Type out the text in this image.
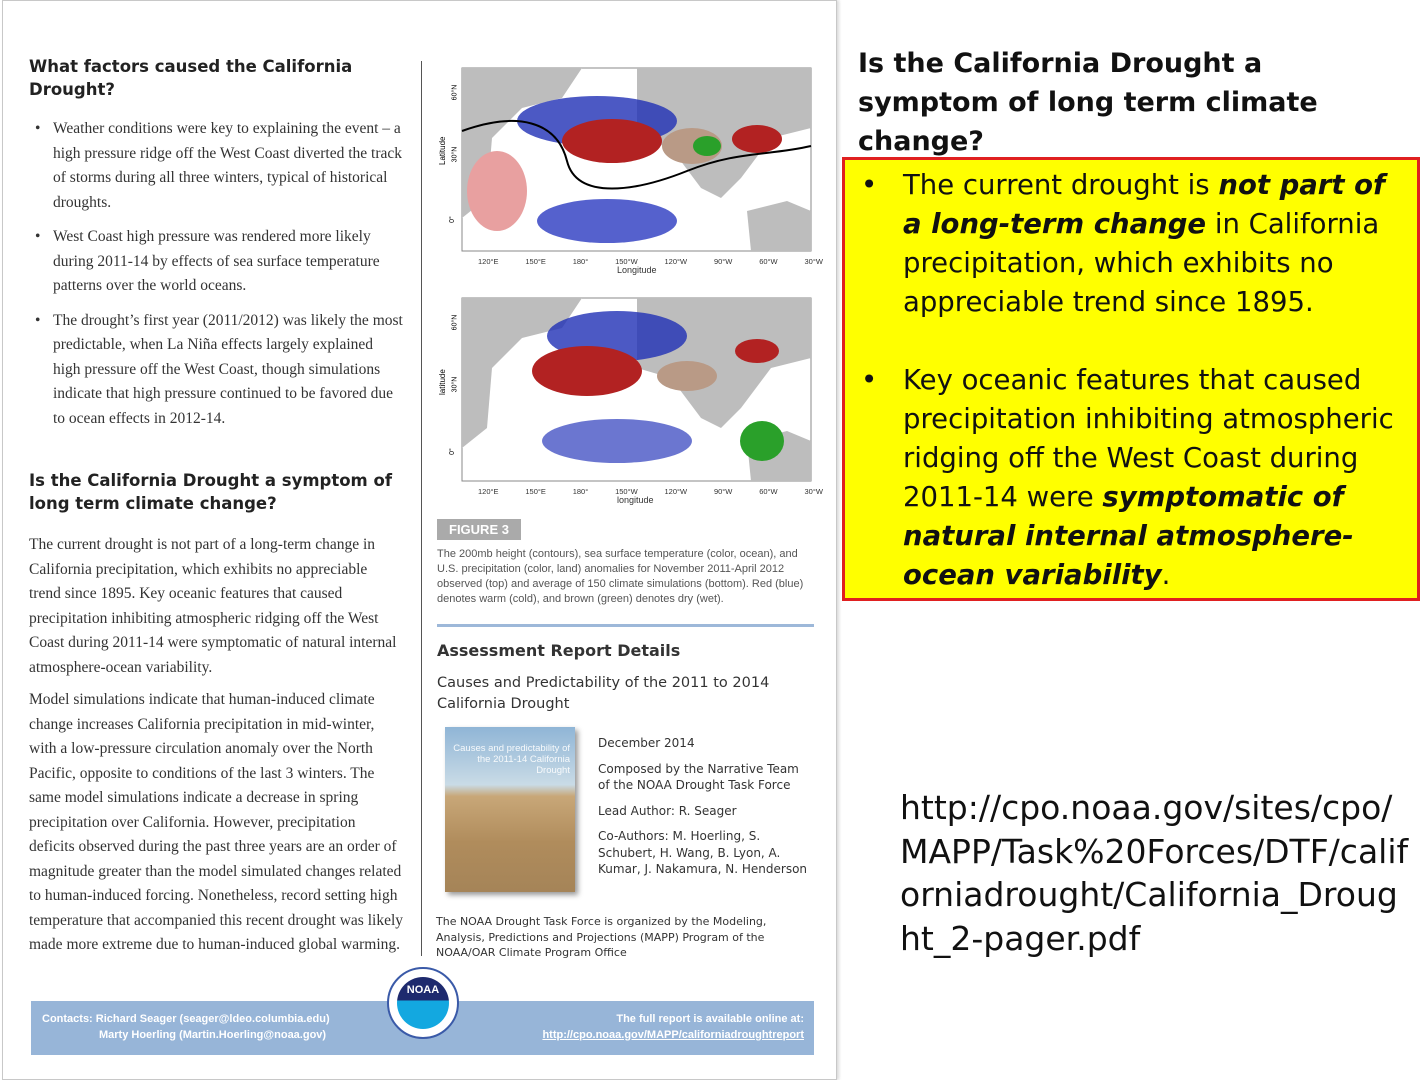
What factors caused the California Drought?
• Weather conditions were key to explaining the event – a high pressure ridge off the West Coast diverted the track of storms during all three winters, typical of historical droughts.
• West Coast high pressure was rendered more likely during 2011-14 by effects of sea surface temperature patterns over the world oceans.
• The drought’s first year (2011/2012) was likely the most predictable, when La Niña effects largely explained high pressure off the West Coast, though simulations indicate that high pressure continued to be favored due to ocean effects in 2012-14.
Is the California Drought a symptom of long term climate change?

The current drought is not part of a long-term change in California precipitation, which exhibits no appreciable trend since 1895. Key oceanic features that caused precipitation inhibiting atmospheric ridging off the West Coast during 2011-14 were symptomatic of natural internal atmosphere-ocean variability.

Model simulations indicate that human-induced climate change increases California precipitation in mid-winter, with a low-pressure circulation anomaly over the North Pacific, opposite to conditions of the last 3 winters. The same model simulations indicate a decrease in spring precipitation over California. However, precipitation deficits observed during the past three years are an order of magnitude greater than the model simulated changes related to human-induced forcing. Nonetheless, record setting high temperature that accompanied this recent drought was likely made more extreme due to human-induced global warming.

Latitude
120°E	150°E	180°	150°W	120°W	90°W	60°W	30°W
Longitude
latitude
120°E	150°E	180°	150°W	120°W	90°W	60°W	30°W
longitude
60°N
30°N
0°
60°N
30°N
0°
FIGURE 3
The 200mb height (contours), sea surface temperature (color, ocean), and U.S. precipitation (color, land) anomalies for November 2011-April 2012 observed (top) and average of 150 climate simulations (bottom). Red (blue) denotes warm (cold), and brown (green) denotes dry (wet).
Assessment Report Details
Causes and Predictability of the 2011 to 2014 California Drought
Causes and predictability of the 2011-14 California Drought
December 2014
Composed by the Narrative Team of the NOAA Drought Task Force
Lead Author: R. Seager
Co-Authors: M. Hoerling, S. Schubert, H. Wang, B. Lyon, A. Kumar, J. Nakamura, N. Henderson
The NOAA Drought Task Force is organized by the Modeling, Analysis, Predictions and Projections (MAPP) Program of the NOAA/OAR Climate Program Office
Contacts: Richard Seager (seager@ldeo.columbia.edu)
Marty Hoerling (Martin.Hoerling@noaa.gov)
The full report is available online at:
http://cpo.noaa.gov/MAPP/californiadroughtreport
NOAA
Is the California Drought a symptom of long term climate change?
• The current drought is not part of a long-term change in California precipitation, which exhibits no appreciable trend since 1895.
• Key oceanic features that caused precipitation inhibiting atmospheric ridging off the West Coast during 2011-14 were symptomatic of natural internal atmosphere-ocean variability.
http://cpo.noaa.gov/sites/cpo/MAPP/Task%20Forces/DTF/californiadrought/California_Drought_2-pager.pdf
